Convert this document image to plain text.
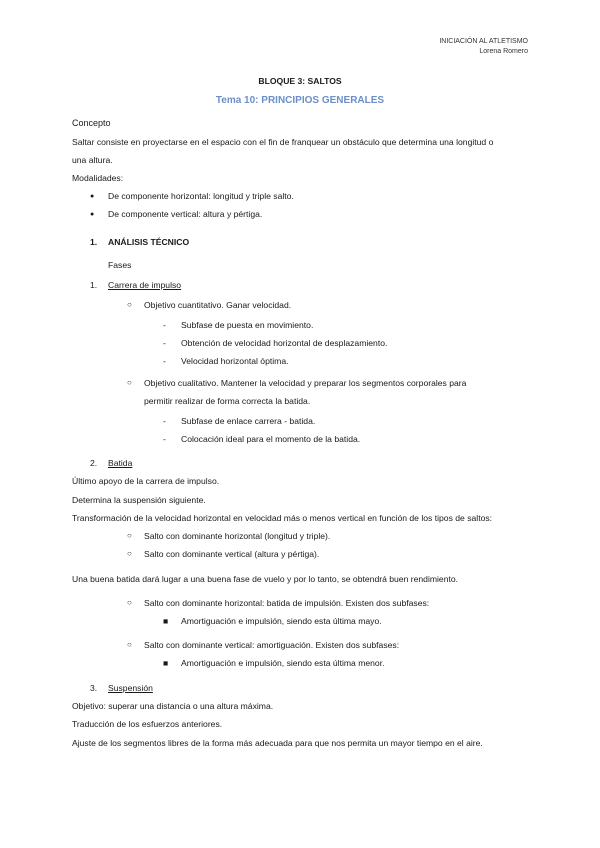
INICIACIÓN AL ATLETISMO
Lorena Romero
BLOQUE 3: SALTOS
Tema 10: PRINCIPIOS GENERALES
Concepto
Saltar consiste en proyectarse en el espacio con el fin de franquear un obstáculo que determina una longitud o
una altura.
Modalidades:
● De componente horizontal: longitud y triple salto.
● De componente vertical: altura y pértiga.
1. ANÁLISIS TÉCNICO
Fases
1. Carrera de impulso
○ Objetivo cuantitativo. Ganar velocidad.
- Subfase de puesta en movimiento.
- Obtención de velocidad horizontal de desplazamiento.
- Velocidad horizontal óptima.
○ Objetivo cualitativo. Mantener la velocidad y preparar los segmentos corporales para
permitir realizar de forma correcta la batida.
- Subfase de enlace carrera - batida.
- Colocación ideal para el momento de la batida.
2. Batida
Último apoyo de la carrera de impulso.
Determina la suspensión siguiente.
Transformación de la velocidad horizontal en velocidad más o menos vertical en función de los tipos de saltos:
○ Salto con dominante horizontal (longitud y triple).
○ Salto con dominante vertical (altura y pértiga).
Una buena batida dará lugar a una buena fase de vuelo y por lo tanto, se obtendrá buen rendimiento.
○ Salto con dominante horizontal: batida de impulsión. Existen dos subfases:
■ Amortiguación e impulsión, siendo esta última mayo.
○ Salto con dominante vertical: amortiguación. Existen dos subfases:
■ Amortiguación e impulsión, siendo esta última menor.
3. Suspensión
Objetivo: superar una distancia o una altura máxima.
Traducción de los esfuerzos anteriores.
Ajuste de los segmentos libres de la forma más adecuada para que nos permita un mayor tiempo en el aire.
